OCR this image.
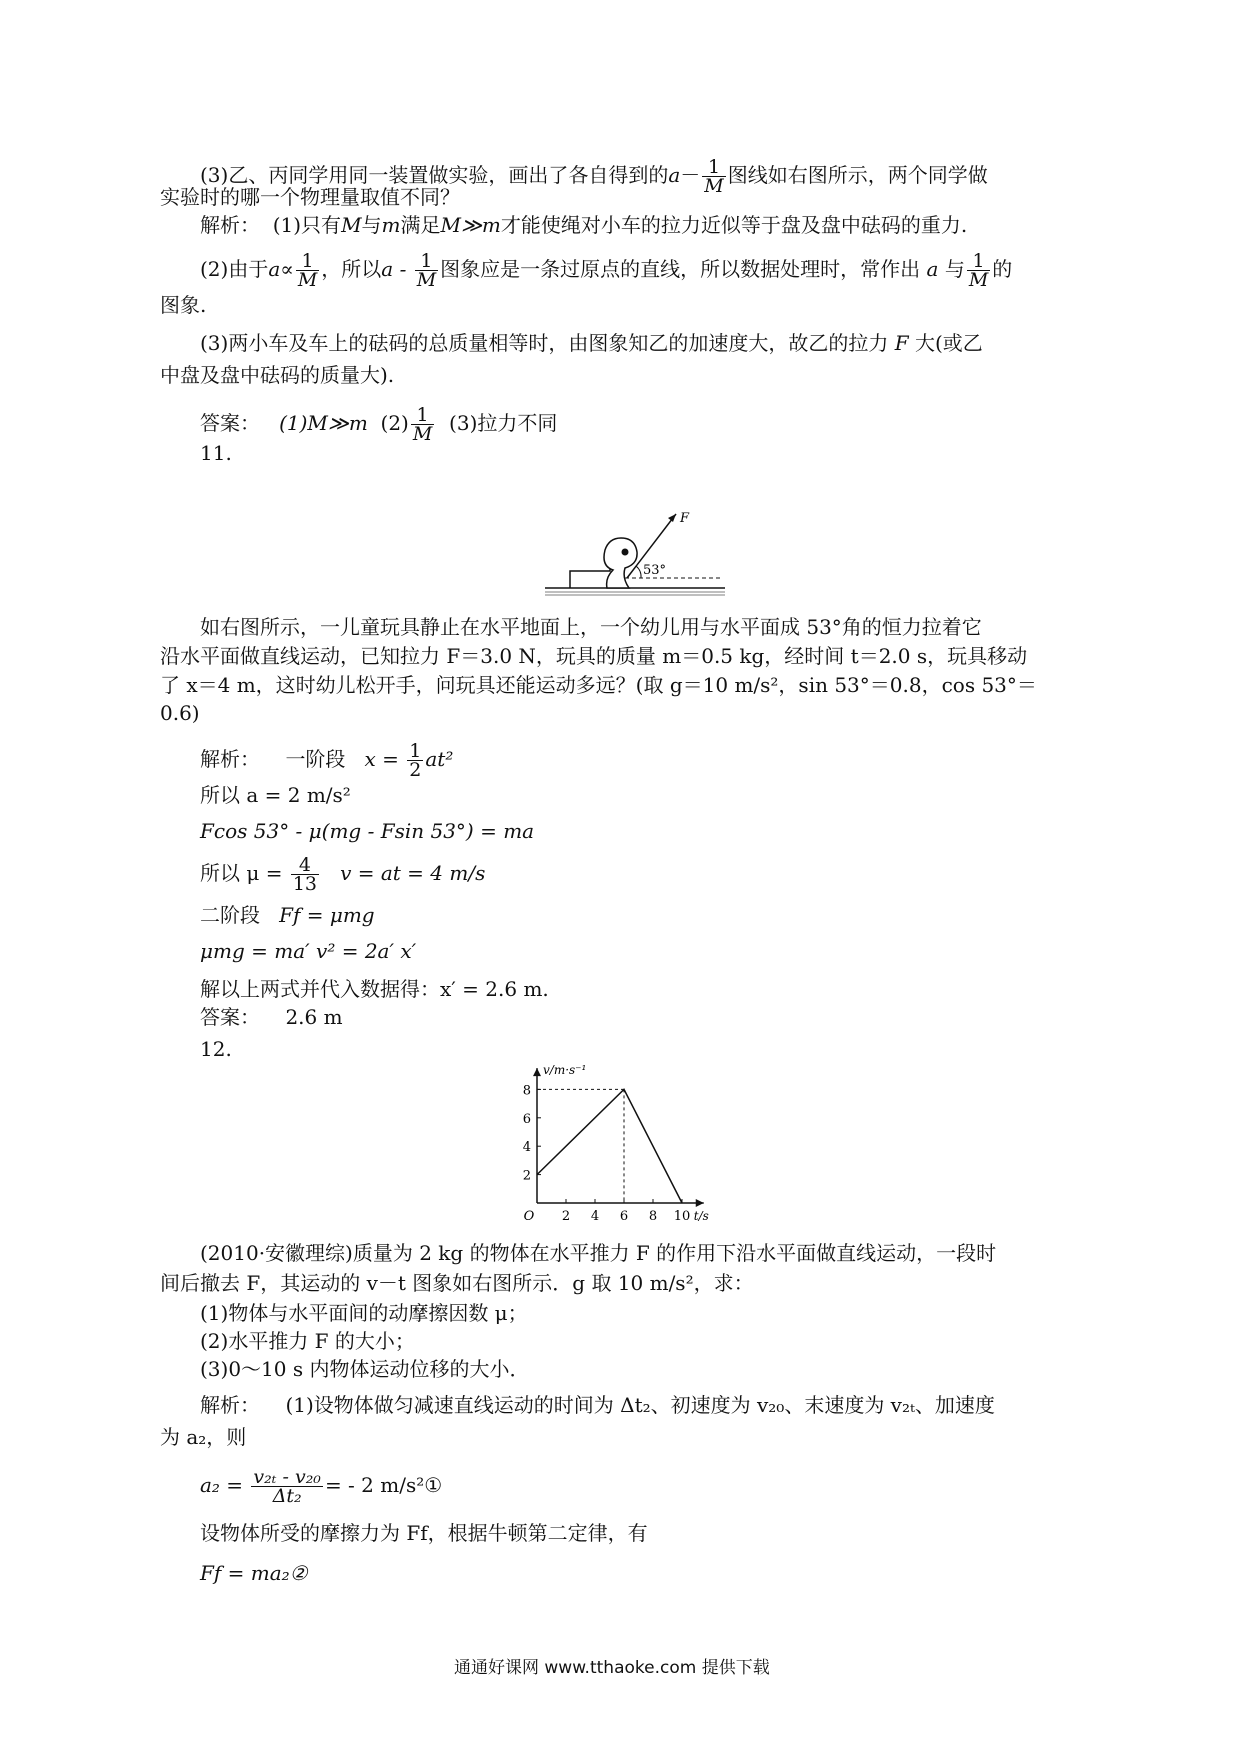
(3)乙、丙同学用同一装置做实验，画出了各自得到的$a- \frac{1}{M}$ 图线如右图所示，两个同学做
实验时的哪一个物理量取值不同？
解析： (1)只有M与m满足M≫m才能使绳对小车的拉力近似等于盘及盘中砝码的重力.
(2)由于$a\propto \frac{1}{M}$ ，所以a - $\frac{1}{M}$ 图象应是一条过原点的直线，所以数据处理时，常作出 a 与 $\frac{1}{M}$ 的
图象.
(3)两小车及车上的砝码的总质量相等时，由图象知乙的加速度大，故乙的拉力 F 大(或乙
中盘及盘中砝码的质量大).
答案： (1)M≫m $(2) \frac{1}{M} (3)$拉力不同
11.
F
53°
如右图所示，一儿童玩具静止在水平地面上，一个幼儿用与水平面成 53°角的恒力拉着它
沿水平面做直线运动，已知拉力 F＝3.0 N，玩具的质量 m＝0.5 kg，经时间 t＝2.0 s，玩具移动
了 x＝4 m，这时幼儿松开手，问玩具还能运动多远？(取 g＝10 m/s²，sin 53°＝0.8，cos 53°＝
0.6)
解析： 一阶段 $x = \frac{1}{2} at^2$
所以 a = 2 m/s²
Fcos 53° - μ(mg - Fsin 53°) = ma
所以 $\mu = \frac{4}{13}$ v = at = 4 m/s
二阶段 Ff = μmg
μmg = ma′ v² = 2a′ x′
解以上两式并代入数据得：x′ = 2.6 m.
答案： 2.6 m
12.
2 4 6 8 10
2
4
6
8
O	t/s
v/m·s⁻¹
(2010·安徽理综)质量为 2 kg 的物体在水平推力 F 的作用下沿水平面做直线运动，一段时
间后撤去 F，其运动的 v－t 图象如右图所示．g 取 10 m/s²，求：
(1)物体与水平面间的动摩擦因数 μ；
(2)水平推力 F 的大小；
(3)0～10 s 内物体运动位移的大小．
解析： (1)设物体做匀减速直线运动的时间为 Δt₂、初速度为 v₂₀、末速度为 v₂ₜ、加速度
为 a₂，则
$a_2 = \frac{\text{v₂ₜ - v₂₀}}{\text{Δt₂}}$ = - 2 m/s²①
设物体所受的摩擦力为 Ff，根据牛顿第二定律，有
Ff = ma₂②
通通好课网 www.tthaoke.com 提供下载
